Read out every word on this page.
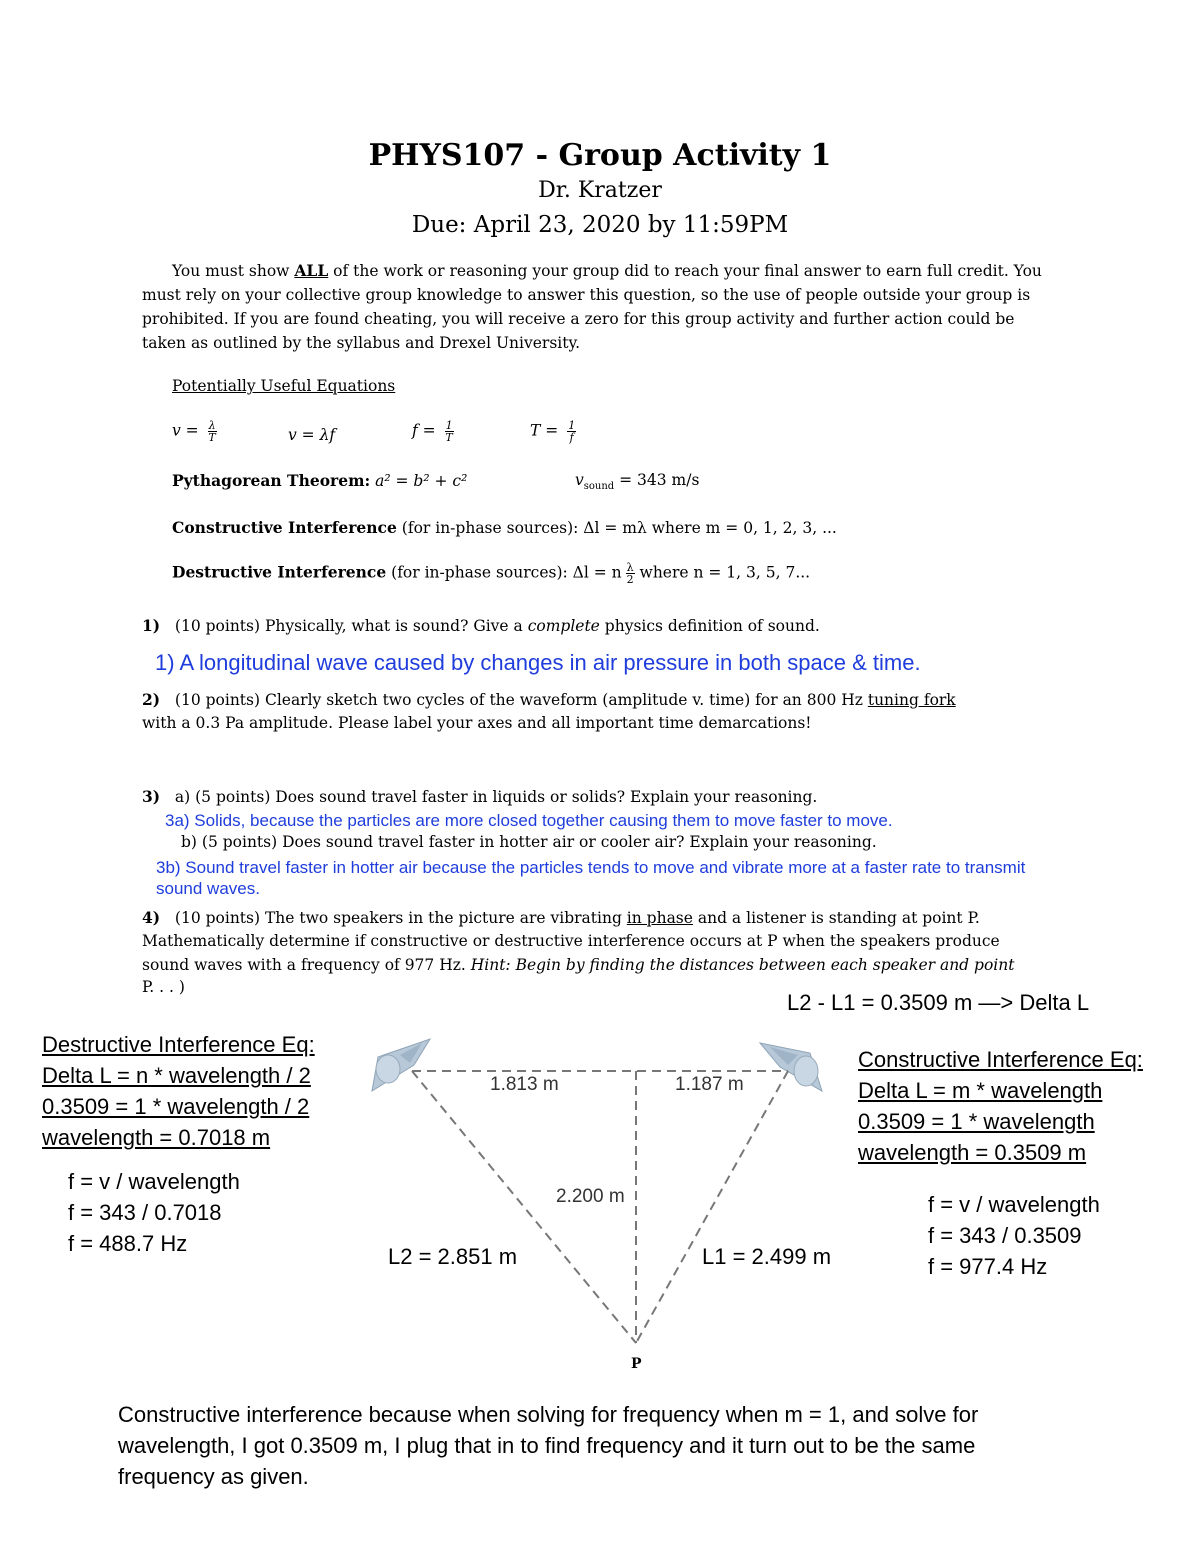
PHYS107 - Group Activity 1
Dr. Kratzer
Due: April 23, 2020 by 11:59PM
You must show ALL of the work or reasoning your group did to reach your final answer to earn full credit. You must rely on your collective group knowledge to answer this question, so the use of people outside your group is prohibited. If you are found cheating, you will receive a zero for this group activity and further action could be taken as outlined by the syllabus and Drexel University.
Potentially Useful Equations
$v = \frac{\lambda}{T}$	v = λf	$f = \frac{1}{T}$	$T = \frac{1}{f}$
Pythagorean Theorem: a² = b² + c²	$v_{sound} = 343$ m/s
Constructive Interference (for in-phase sources): Δl = mλ where m = 0, 1, 2, 3, ...
Destructive Interference (for in-phase sources): Δl = n $\frac{\lambda}{2}$ where n = 1, 3, 5, 7...
1) (10 points) Physically, what is sound? Give a complete physics definition of sound.
1) A longitudinal wave caused by changes in air pressure in both space & time.
2) (10 points) Clearly sketch two cycles of the waveform (amplitude v. time) for an 800 Hz tuning fork
with a 0.3 Pa amplitude. Please label your axes and all important time demarcations!
3) a) (5 points) Does sound travel faster in liquids or solids? Explain your reasoning.
3a) Solids, because the particles are more closed together causing them to move faster to move.
b) (5 points) Does sound travel faster in hotter air or cooler air? Explain your reasoning.
3b) Sound travel faster in hotter air because the particles tends to move and vibrate more at a faster rate to transmit
sound waves.
4) (10 points) The two speakers in the picture are vibrating in phase and a listener is standing at point P.
Mathematically determine if constructive or destructive interference occurs at P when the speakers produce
sound waves with a frequency of 977 Hz. Hint: Begin by finding the distances between each speaker and point
P. . . )
L2 - L1 = 0.3509 m —> Delta L
Destructive Interference Eq:
Delta L = n * wavelength / 2
0.3509 = 1 * wavelength / 2
wavelength = 0.7018 m
f = v / wavelength
f = 343 / 0.7018
f = 488.7 Hz
Constructive Interference Eq:
Delta L = m * wavelength
0.3509 = 1 * wavelength
wavelength = 0.3509 m
f = v / wavelength
f = 343 / 0.3509
f = 977.4 Hz
1.813 m	1.187 m
2.200 m
P
L2 = 2.851 m	L1 = 2.499 m
Constructive interference because when solving for frequency when m = 1, and solve for
wavelength, I got 0.3509 m, I plug that in to find frequency and it turn out to be the same
frequency as given.
